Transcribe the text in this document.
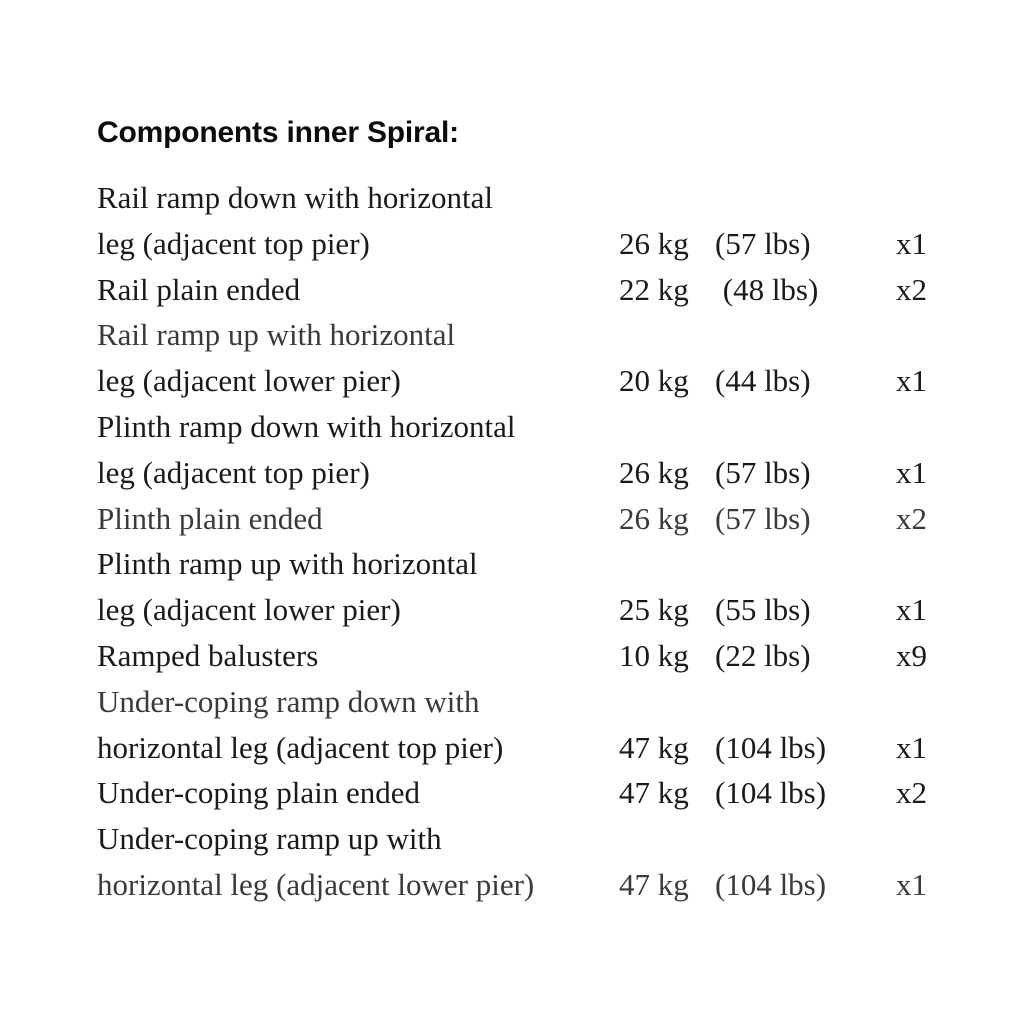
Components inner Spiral:
Rail ramp down with horizontal
leg (adjacent top pier)	26 kg (57 lbs)	x1
Rail plain ended	22 kg (48 lbs)	x2
Rail ramp up with horizontal
leg (adjacent lower pier)	20 kg (44 lbs)	x1
Plinth ramp down with horizontal
leg (adjacent top pier)	26 kg (57 lbs)	x1
Plinth plain ended	26 kg (57 lbs)	x2
Plinth ramp up with horizontal
leg (adjacent lower pier)	25 kg (55 lbs)	x1
Ramped balusters	10 kg (22 lbs)	x9
Under-coping ramp down with
horizontal leg (adjacent top pier)	47 kg (104 lbs) x1
Under-coping plain ended	47 kg (104 lbs) x2
Under-coping ramp up with
horizontal leg (adjacent lower pier)	47 kg (104 lbs) x1
